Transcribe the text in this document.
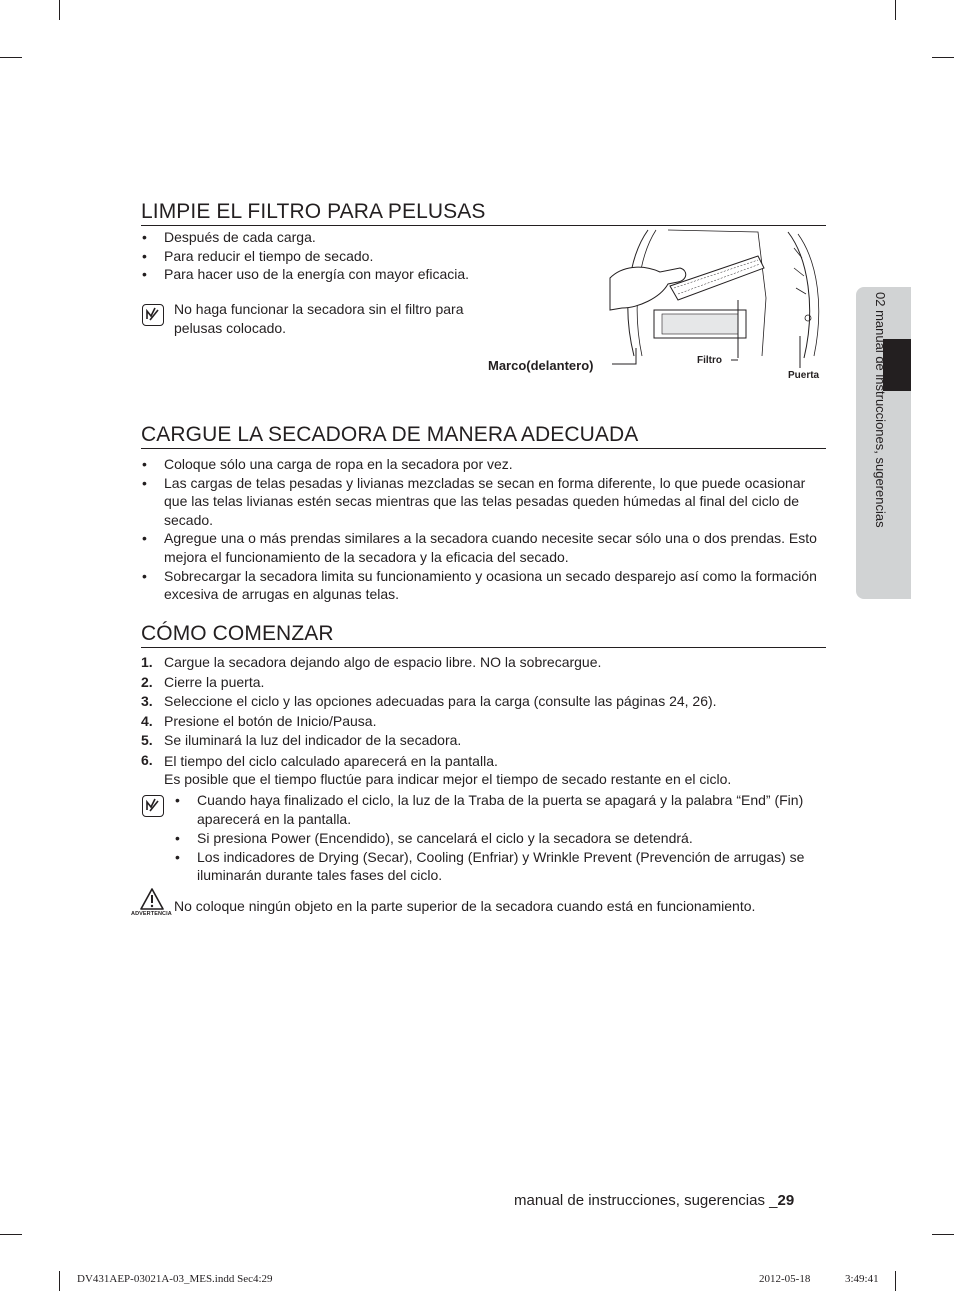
02 manual de instrucciones, sugerencias
LIMPIE EL FILTRO PARA PELUSAS
• Después de cada carga.
• Para reducir el tiempo de secado.
• Para hacer uso de la energía con mayor eficacia.
No haga funcionar la secadora sin el filtro para pelusas colocado.
Marco(delantero)	Filtro
Puerta
CARGUE LA SECADORA DE MANERA ADECUADA
• Coloque sólo una carga de ropa en la secadora por vez.
• Las cargas de telas pesadas y livianas mezcladas se secan en forma diferente, lo que puede ocasionar que las telas livianas estén secas mientras que las telas pesadas queden húmedas al final del ciclo de secado.
• Agregue una o más prendas similares a la secadora cuando necesite secar sólo una o dos prendas. Esto mejora el funcionamiento de la secadora y la eficacia del secado.
• Sobrecargar la secadora limita su funcionamiento y ocasiona un secado desparejo así como la formación excesiva de arrugas en algunas telas.
CÓMO COMENZAR
1. Cargue la secadora dejando algo de espacio libre. NO la sobrecargue.
2. Cierre la puerta.
3. Seleccione el ciclo y las opciones adecuadas para la carga (consulte las páginas 24, 26).
4. Presione el botón de Inicio/Pausa.
5. Se iluminará la luz del indicador de la secadora.
6. El tiempo del ciclo calculado aparecerá en la pantalla.
Es posible que el tiempo fluctúe para indicar mejor el tiempo de secado restante en el ciclo.
• Cuando haya finalizado el ciclo, la luz de la Traba de la puerta se apagará y la palabra “End” (Fin) aparecerá en la pantalla.
• Si presiona Power (Encendido), se cancelará el ciclo y la secadora se detendrá.
• Los indicadores de Drying (Secar), Cooling (Enfriar) y Wrinkle Prevent (Prevención de arrugas) se iluminarán durante tales fases del ciclo.
ADVERTENCIA No coloque ningún objeto en la parte superior de la secadora cuando está en funcionamiento.
manual de instrucciones, sugerencias _29
DV431AEP-03021A-03_MES.indd Sec4:29	2012-05-18	3:49:41
